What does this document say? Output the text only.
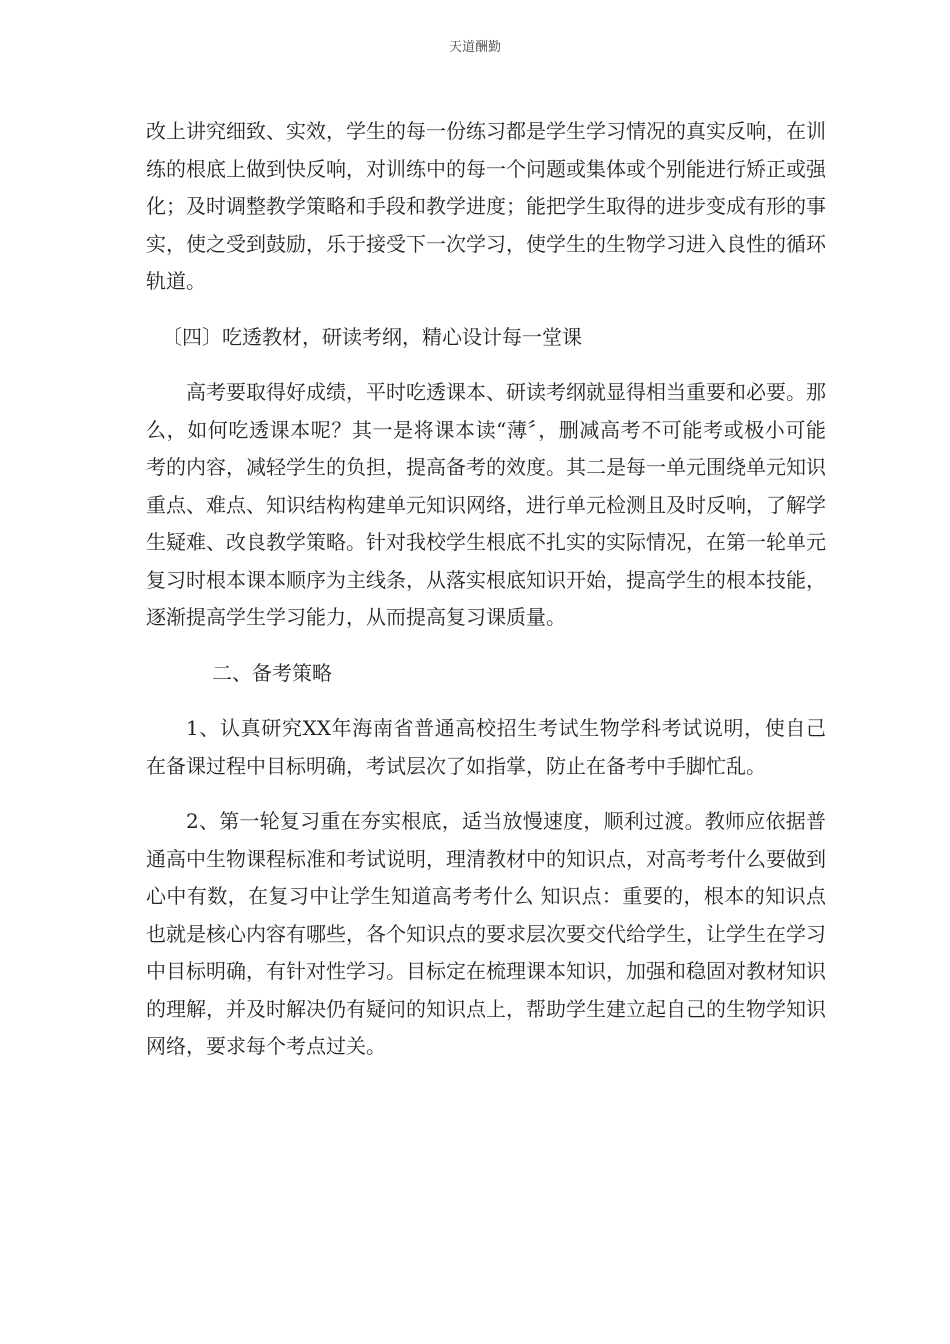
天道酬勤

改上讲究细致、实效，学生的每一份练习都是学生学习情况的真实反响，在训练的根底上做到快反响，对训练中的每一个问题或集体或个别能进行矫正或强化；及时调整教学策略和手段和教学进度；能把学生取得的进步变成有形的事实，使之受到鼓励，乐于接受下一次学习，使学生的生物学习进入良性的循环轨道。

〔四〕吃透教材，研读考纲，精心设计每一堂课

高考要取得好成绩，平时吃透课本、研读考纲就显得相当重要和必要。那么，如何吃透课本呢？其一是将课本读“薄〞，删减高考不可能考或极小可能考的内容，减轻学生的负担，提高备考的效度。其二是每一单元围绕单元知识重点、难点、知识结构构建单元知识网络，进行单元检测且及时反响，了解学生疑难、改良教学策略。针对我校学生根底不扎实的实际情况，在第一轮单元复习时根本课本顺序为主线条，从落实根底知识开始，提高学生的根本技能，逐渐提高学生学习能力，从而提高复习课质量。

二、备考策略

1、认真研究XX年海南省普通高校招生考试生物学科考试说明，使自己在备课过程中目标明确，考试层次了如指掌，防止在备考中手脚忙乱。

2、第一轮复习重在夯实根底，适当放慢速度，顺利过渡。教师应依据普通高中生物课程标准和考试说明，理清教材中的知识点，对高考考什么要做到心中有数，在复习中让学生知道高考考什么 知识点：重要的，根本的知识点也就是核心内容有哪些，各个知识点的要求层次要交代给学生，让学生在学习中目标明确，有针对性学习。目标定在梳理课本知识，加强和稳固对教材知识的理解，并及时解决仍有疑问的知识点上，帮助学生建立起自己的生物学知识网络，要求每个考点过关。
